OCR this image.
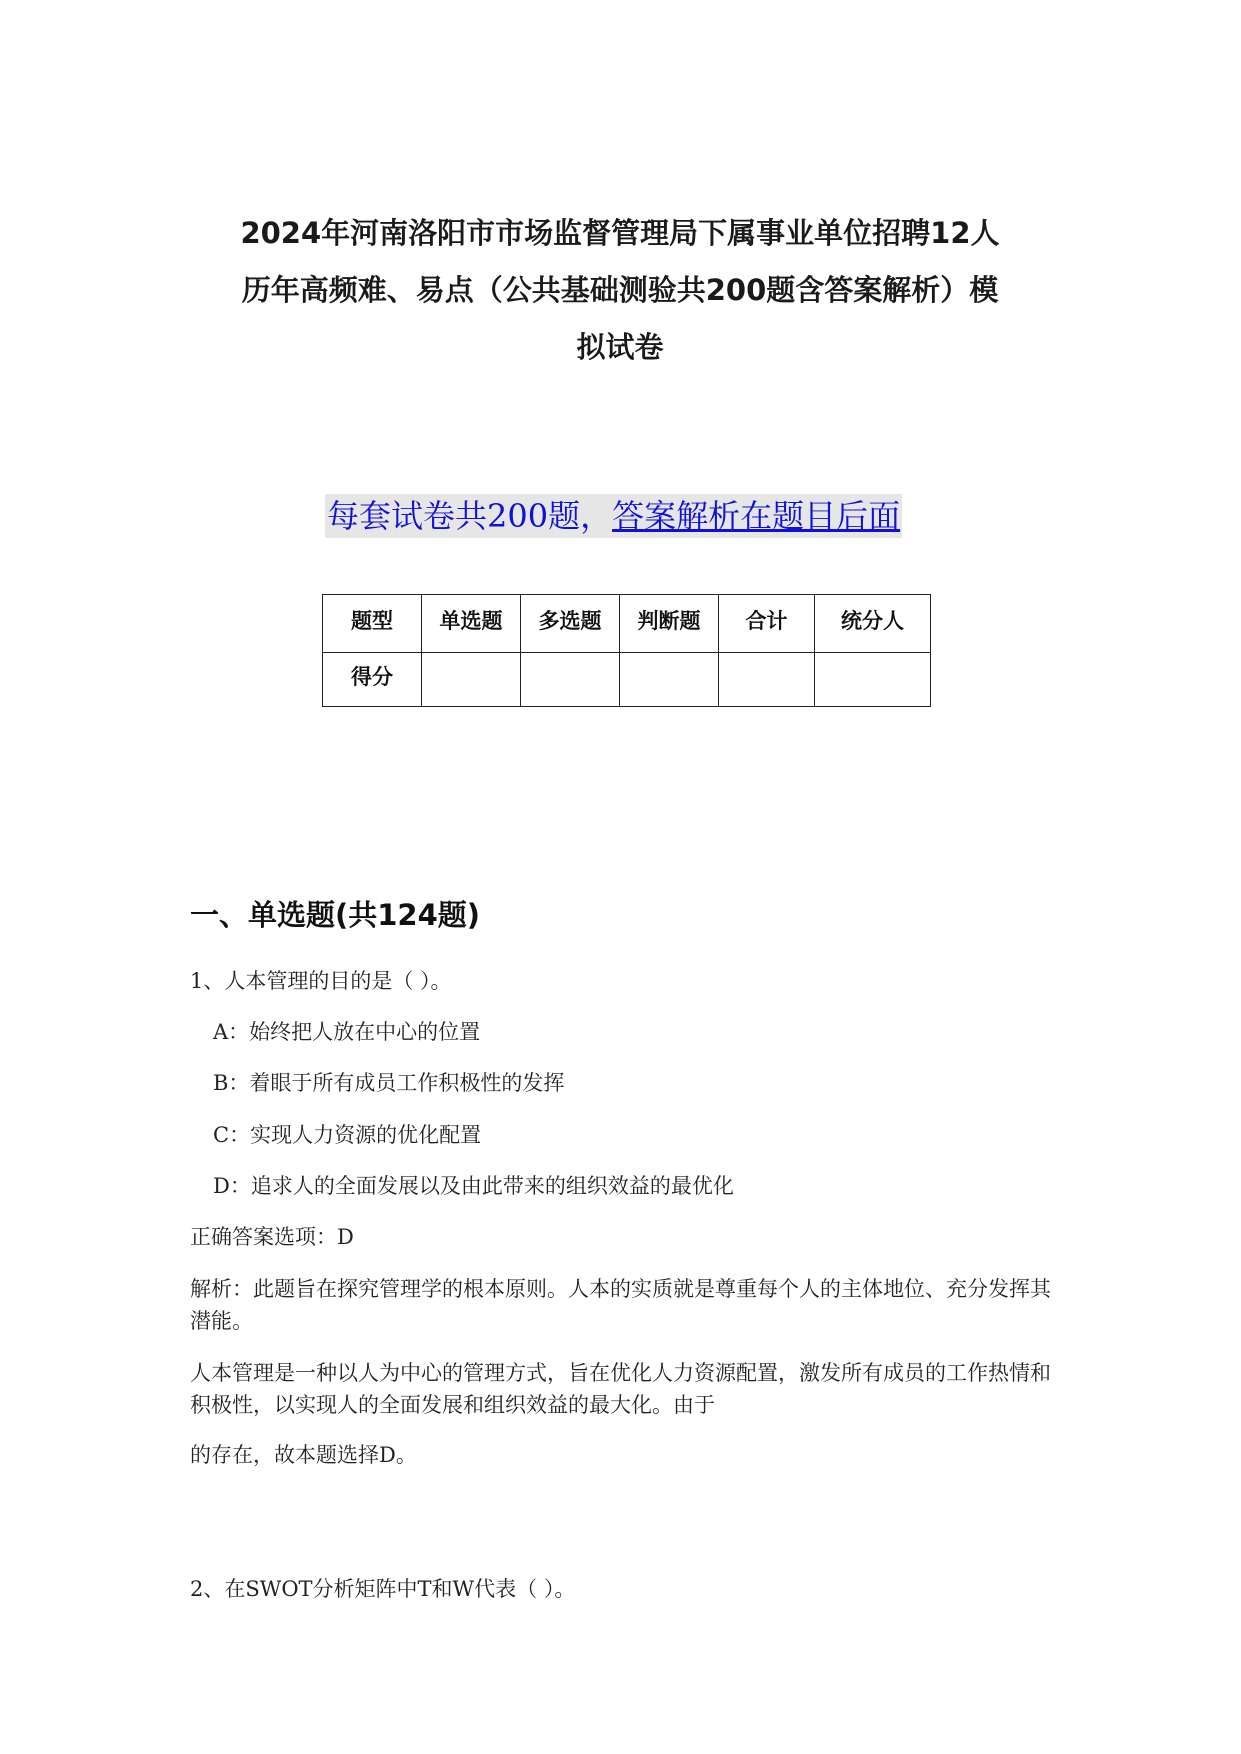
2024年河南洛阳市市场监督管理局下属事业单位招聘12人
历年高频难、易点（公共基础测验共200题含答案解析）模
拟试卷
每套试卷共200题，答案解析在题目后面
题型	单选题	多选题	判断题	合计	统分人
得分					
一、单选题(共124题)
1、人本管理的目的是（ ）。
A：始终把人放在中心的位置
B：着眼于所有成员工作积极性的发挥
C：实现人力资源的优化配置
D：追求人的全面发展以及由此带来的组织效益的最优化
正确答案选项：D
解析：此题旨在探究管理学的根本原则。人本的实质就是尊重每个人的主体地位、充分发挥其潜能。
人本管理是一种以人为中心的管理方式，旨在优化人力资源配置，激发所有成员的工作热情和积极性，以实现人的全面发展和组织效益的最大化。由于
的存在，故本题选择D。
2、在SWOT分析矩阵中T和W代表（ ）。
